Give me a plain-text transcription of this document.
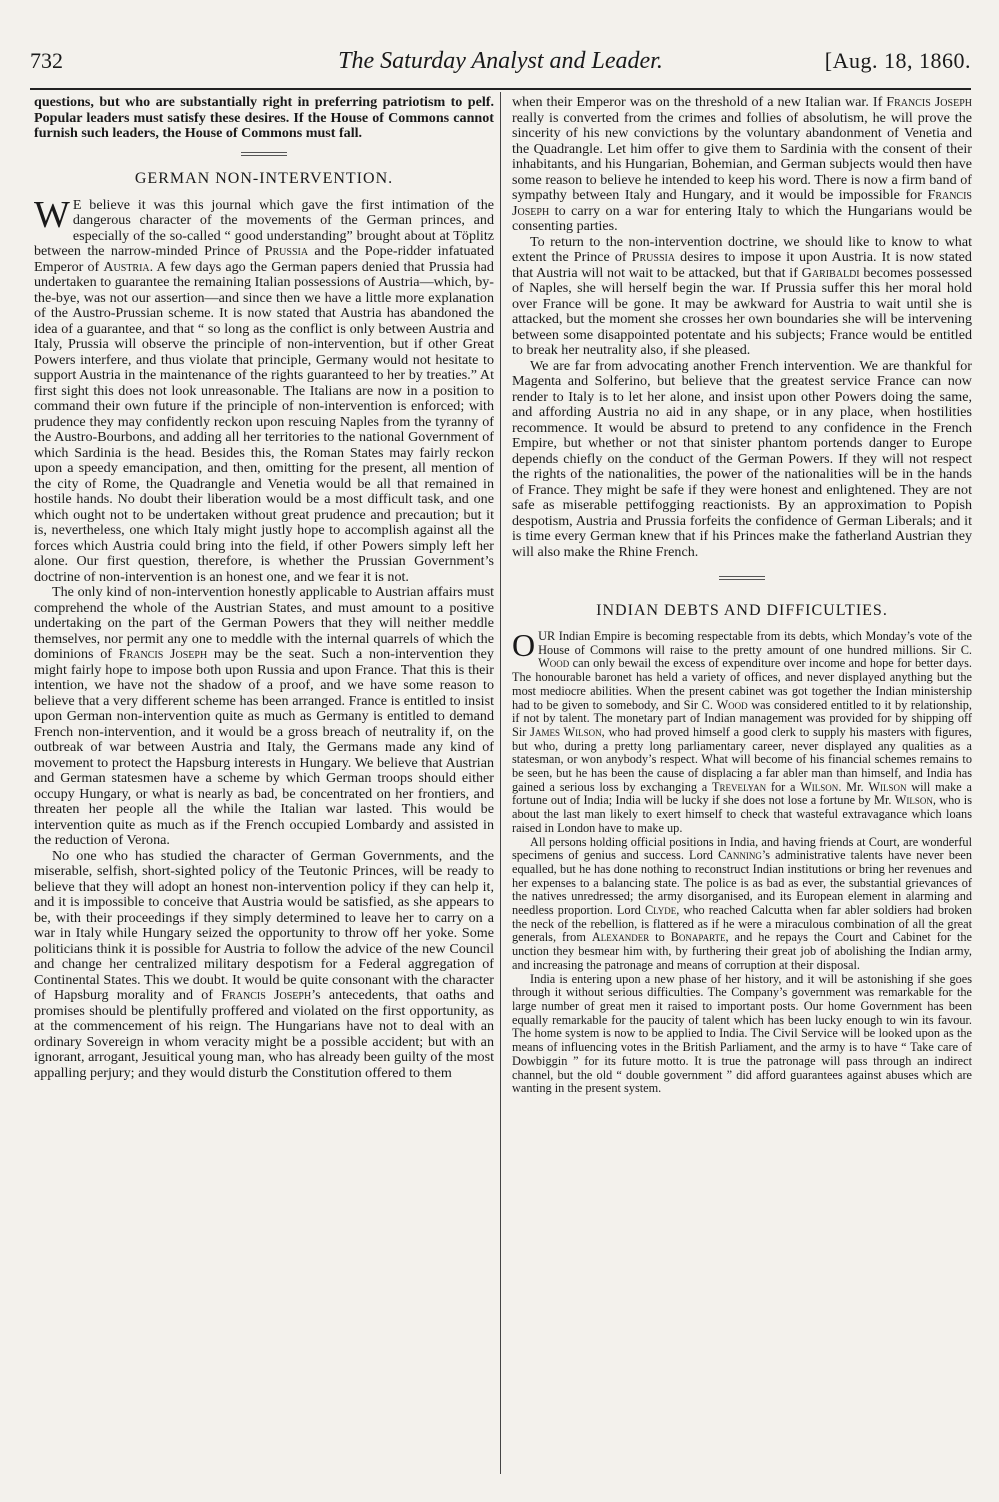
732	The Saturday Analyst and Leader.	[Aug. 18, 1860.

questions, but who are substantially right in preferring patriotism to pelf. Popular leaders must satisfy these desires. If the House of Commons cannot furnish such leaders, the House of Commons must fall.

GERMAN NON-INTERVENTION.

W E believe it was this journal which gave the first intimation of the dangerous character of the movements of the German princes, and especially of the so-called “ good understanding” brought about at Töplitz between the narrow-minded Prince of Prussia and the Pope-ridder infatuated Emperor of Austria. A few days ago the German papers denied that Prussia had undertaken to guarantee the remaining Italian possessions of Austria—which, by-the-bye, was not our assertion—and since then we have a little more explanation of the Austro-Prussian scheme. It is now stated that Austria has abandoned the idea of a guarantee, and that “ so long as the conflict is only between Austria and Italy, Prussia will observe the principle of non-intervention, but if other Great Powers interfere, and thus violate that principle, Germany would not hesitate to support Austria in the maintenance of the rights guaranteed to her by treaties.” At first sight this does not look unreasonable. The Italians are now in a position to command their own future if the principle of non-intervention is enforced; with prudence they may confidently reckon upon rescuing Naples from the tyranny of the Austro-Bourbons, and adding all her territories to the national Government of which Sardinia is the head. Besides this, the Roman States may fairly reckon upon a speedy emancipation, and then, omitting for the present, all mention of the city of Rome, the Quadrangle and Venetia would be all that remained in hostile hands. No doubt their liberation would be a most difficult task, and one which ought not to be undertaken without great prudence and precaution; but it is, nevertheless, one which Italy might justly hope to accomplish against all the forces which Austria could bring into the field, if other Powers simply left her alone. Our first question, therefore, is whether the Prussian Government’s doctrine of non-intervention is an honest one, and we fear it is not.

The only kind of non-intervention honestly applicable to Austrian affairs must comprehend the whole of the Austrian States, and must amount to a positive undertaking on the part of the German Powers that they will neither meddle themselves, nor permit any one to meddle with the internal quarrels of which the dominions of Francis Joseph may be the seat. Such a non-intervention they might fairly hope to impose both upon Russia and upon France. That this is their intention, we have not the shadow of a proof, and we have some reason to believe that a very different scheme has been arranged. France is entitled to insist upon German non-intervention quite as much as Germany is entitled to demand French non-intervention, and it would be a gross breach of neutrality if, on the outbreak of war between Austria and Italy, the Germans made any kind of movement to protect the Hapsburg interests in Hungary. We believe that Austrian and German statesmen have a scheme by which German troops should either occupy Hungary, or what is nearly as bad, be concentrated on her frontiers, and threaten her people all the while the Italian war lasted. This would be intervention quite as much as if the French occupied Lombardy and assisted in the reduction of Verona.

No one who has studied the character of German Governments, and the miserable, selfish, short-sighted policy of the Teutonic Princes, will be ready to believe that they will adopt an honest non-intervention policy if they can help it, and it is impossible to conceive that Austria would be satisfied, as she appears to be, with their proceedings if they simply determined to leave her to carry on a war in Italy while Hungary seized the opportunity to throw off her yoke. Some politicians think it is possible for Austria to follow the advice of the new Council and change her centralized military despotism for a Federal aggregation of Continental States. This we doubt. It would be quite consonant with the character of Hapsburg morality and of Francis Joseph’s antecedents, that oaths and promises should be plentifully proffered and violated on the first opportunity, as at the commencement of his reign. The Hungarians have not to deal with an ordinary Sovereign in whom veracity might be a possible accident; but with an ignorant, arrogant, Jesuitical young man, who has already been guilty of the most appalling perjury; and they would disturb the Constitution offered to them

when their Emperor was on the threshold of a new Italian war. If Francis Joseph really is converted from the crimes and follies of absolutism, he will prove the sincerity of his new convictions by the voluntary abandonment of Venetia and the Quadrangle. Let him offer to give them to Sardinia with the consent of their inhabitants, and his Hungarian, Bohemian, and German subjects would then have some reason to believe he intended to keep his word. There is now a firm band of sympathy between Italy and Hungary, and it would be impossible for Francis Joseph to carry on a war for entering Italy to which the Hungarians would be consenting parties.

To return to the non-intervention doctrine, we should like to know to what extent the Prince of Prussia desires to impose it upon Austria. It is now stated that Austria will not wait to be attacked, but that if Garibaldi becomes possessed of Naples, she will herself begin the war. If Prussia suffer this her moral hold over France will be gone. It may be awkward for Austria to wait until she is attacked, but the moment she crosses her own boundaries she will be intervening between some disappointed potentate and his subjects; France would be entitled to break her neutrality also, if she pleased.

We are far from advocating another French intervention. We are thankful for Magenta and Solferino, but believe that the greatest service France can now render to Italy is to let her alone, and insist upon other Powers doing the same, and affording Austria no aid in any shape, or in any place, when hostilities recommence. It would be absurd to pretend to any confidence in the French Empire, but whether or not that sinister phantom portends danger to Europe depends chiefly on the conduct of the German Powers. If they will not respect the rights of the nationalities, the power of the nationalities will be in the hands of France. They might be safe if they were honest and enlightened. They are not safe as miserable pettifogging reactionists. By an approximation to Popish despotism, Austria and Prussia forfeits the confidence of German Liberals; and it is time every German knew that if his Princes make the fatherland Austrian they will also make the Rhine French.

INDIAN DEBTS AND DIFFICULTIES.

OUR Indian Empire is becoming respectable from its debts, which Monday’s vote of the House of Commons will raise to the pretty amount of one hundred millions. Sir C. Wood can only bewail the excess of expenditure over income and hope for better days. The honourable baronet has held a variety of offices, and never displayed anything but the most mediocre abilities. When the present cabinet was got together the Indian ministership had to be given to somebody, and Sir C. Wood was considered entitled to it by relationship, if not by talent. The monetary part of Indian management was provided for by shipping off Sir James Wilson, who had proved himself a good clerk to supply his masters with figures, but who, during a pretty long parliamentary career, never displayed any qualities as a statesman, or won anybody’s respect. What will become of his financial schemes remains to be seen, but he has been the cause of displacing a far abler man than himself, and India has gained a serious loss by exchanging a Trevelyan for a Wilson. Mr. Wilson will make a fortune out of India; India will be lucky if she does not lose a fortune by Mr. Wilson, who is about the last man likely to exert himself to check that wasteful extravagance which loans raised in London have to make up.

All persons holding official positions in India, and having friends at Court, are wonderful specimens of genius and success. Lord Canning’s administrative talents have never been equalled, but he has done nothing to reconstruct Indian institutions or bring her revenues and her expenses to a balancing state. The police is as bad as ever, the substantial grievances of the natives unredressed; the army disorganised, and its European element in alarming and needless proportion. Lord Clyde, who reached Calcutta when far abler soldiers had broken the neck of the rebellion, is flattered as if he were a miraculous combination of all the great generals, from Alexander to Bonaparte, and he repays the Court and Cabinet for the unction they besmear him with, by furthering their great job of abolishing the Indian army, and increasing the patronage and means of corruption at their disposal.

India is entering upon a new phase of her history, and it will be astonishing if she goes through it without serious difficulties. The Company’s government was remarkable for the large number of great men it raised to important posts. Our home Government has been equally remarkable for the paucity of talent which has been lucky enough to win its favour. The home system is now to be applied to India. The Civil Service will be looked upon as the means of influencing votes in the British Parliament, and the army is to have “ Take care of Dowbiggin ” for its future motto. It is true the patronage will pass through an indirect channel, but the old “ double government ” did afford guarantees against abuses which are wanting in the present system.
